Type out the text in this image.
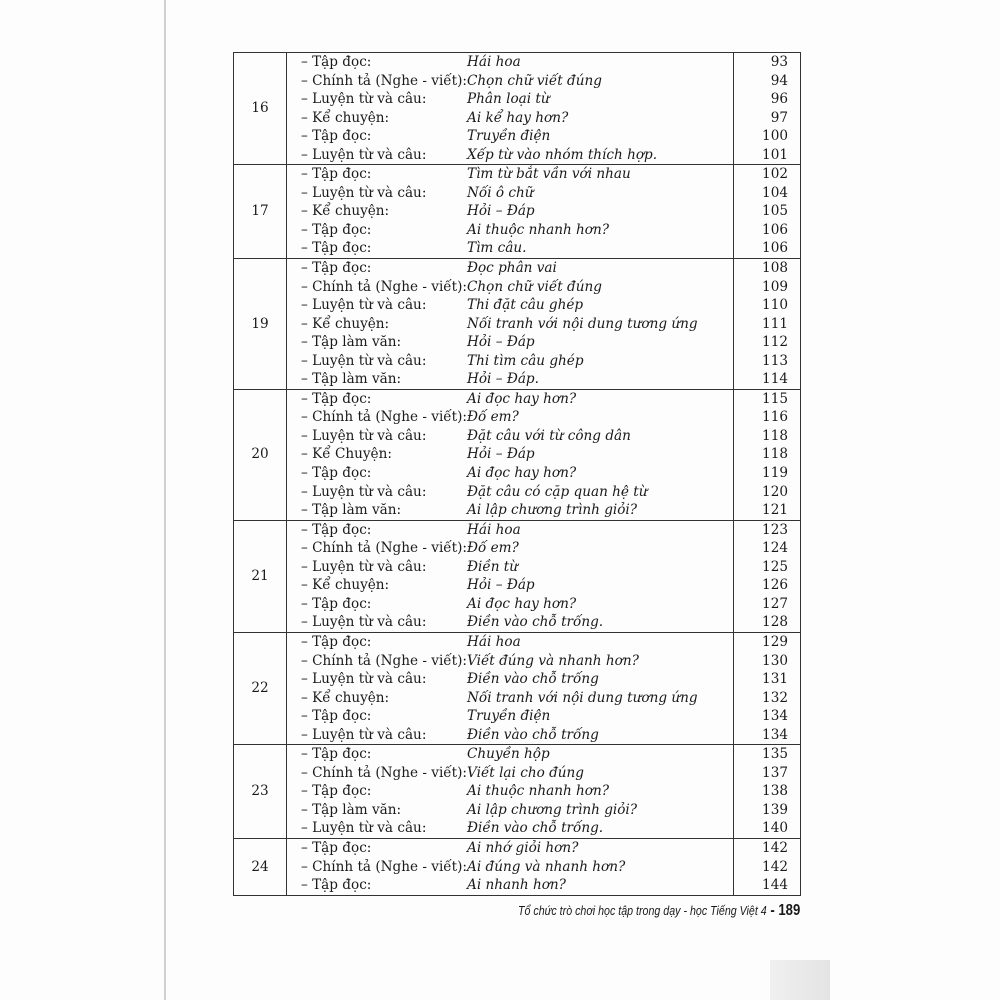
16	– Tập đọc:	Hái hoa	93
	– Chính tả (Nghe - viết):	Chọn chữ viết đúng	94
	– Luyện từ và câu:	Phân loại từ	96
	– Kể chuyện:	Ai kể hay hơn?	97
	– Tập đọc:	Truyền điện	100
	– Luyện từ và câu:	Xếp từ vào nhóm thích hợp.	101
17	– Tập đọc:	Tìm từ bắt vần với nhau	102
	– Luyện từ và câu:	Nối ô chữ	104
	– Kể chuyện:	Hỏi – Đáp	105
	– Tập đọc:	Ai thuộc nhanh hơn?	106
	– Tập đọc:	Tìm câu.	106
19	– Tập đọc:	Đọc phân vai	108
	– Chính tả (Nghe - viết):	Chọn chữ viết đúng	109
	– Luyện từ và câu:	Thi đặt câu ghép	110
	– Kể chuyện:	Nối tranh với nội dung tương ứng	111
	– Tập làm văn:	Hỏi – Đáp	112
	– Luyện từ và câu:	Thi tìm câu ghép	113
	– Tập làm văn:	Hỏi – Đáp.	114
20	– Tập đọc:	Ai đọc hay hơn?	115
	– Chính tả (Nghe - viết):	Đố em?	116
	– Luyện từ và câu:	Đặt câu với từ công dân	118
	– Kể Chuyện:	Hỏi – Đáp	118
	– Tập đọc:	Ai đọc hay hơn?	119
	– Luyện từ và câu:	Đặt câu có cặp quan hệ từ	120
	– Tập làm văn:	Ai lập chương trình giỏi?	121
21	– Tập đọc:	Hái hoa	123
	– Chính tả (Nghe - viết):	Đố em?	124
	– Luyện từ và câu:	Điền từ	125
	– Kể chuyện:	Hỏi – Đáp	126
	– Tập đọc:	Ai đọc hay hơn?	127
	– Luyện từ và câu:	Điền vào chỗ trống.	128
22	– Tập đọc:	Hái hoa	129
	– Chính tả (Nghe - viết):	Viết đúng và nhanh hơn?	130
	– Luyện từ và câu:	Điền vào chỗ trống	131
	– Kể chuyện:	Nối tranh với nội dung tương ứng	132
	– Tập đọc:	Truyền điện	134
	– Luyện từ và câu:	Điền vào chỗ trống	134
23	– Tập đọc:	Chuyền hộp	135
	– Chính tả (Nghe - viết):	Viết lại cho đúng	137
	– Tập đọc:	Ai thuộc nhanh hơn?	138
	– Tập làm văn:	Ai lập chương trình giỏi?	139
	– Luyện từ và câu:	Điền vào chỗ trống.	140
24	– Tập đọc:	Ai nhớ giỏi hơn?	142
	– Chính tả (Nghe - viết):	Ai đúng và nhanh hơn?	142
	– Tập đọc:	Ai nhanh hơn?	144
Tổ chức trò chơi học tập trong dạy - học Tiếng Việt 4 - 189
